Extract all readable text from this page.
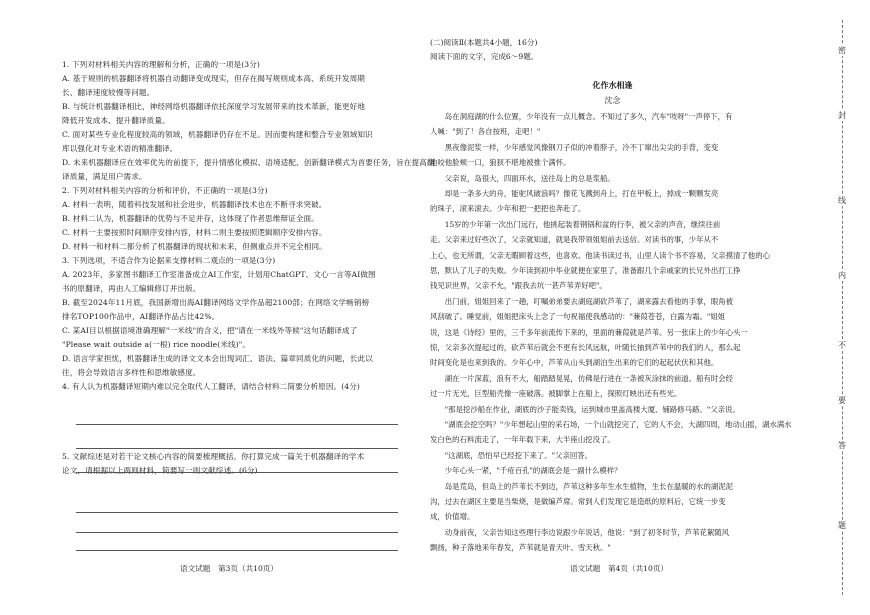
1. 下列对材料相关内容的理解和分析，正确的一项是(3分)
A. 基于规则的机器翻译将机器自动翻译变成现实，但存在揭写规则成本高、系统开发周期
长、翻译速度较慢等问题。
B. 与统计机器翻译相比，神经网络机器翻译依托深度学习发展带来的技术革新，能更好地
降低开发成本、提升翻译质量。
C. 面对某些专业化程度较高的领域，机器翻译仍存在不足。因而要构建和整合专业领域知识
库以强化对专业术语的精准翻译。
D. 未来机器翻译应在效率优先的前提下，提升情感化模拟、语境适配、创新翻译模式为首要任务，旨在提高翻
译质量，满足用户需求。
2. 下列对材料相关内容的分析和评价，不正确的一项是(3分)
A. 材料一表明，随着科技发展和社会进步，机器翻译技术也在不断寻求突破。
B. 材料二认为，机器翻译的优势与不足并存，这体现了作者思维辩证全面。
C. 材料一主要按照时间顺序安排内容，材料二则主要按照逻辑顺序安排内容。
D. 材料一和材料二都分析了机器翻译的现状和未来，但侧重点并不完全相同。
3. 下列选项，不适合作为论据来支撑材料二观点的一项是(3分)
A. 2023年，多家图书翻译工作室准备成立AI工作室，计划用ChatGPT、文心一言等AI做图
书的原翻译，再由人工编辑修订并出版。
B. 截至2024年11月底，我国新增出海AI翻译网络文学作品超2100部；在网络文学畅销榜
排名TOP100作品中，AI翻译作品占比42%。
C. 某AI目以根据语境准确理解"一米线"的含义，把"请在一米线外等候"这句话翻译成了
"Please wait outside a(一根) rice noodle(米线)"。
D. 语言学家担忧，机器翻译生成的译文文本会出现词汇、语法、篇章同质化的问题，长此以
往，将会导致语言多样性和思维敏感度。
4. 有人认为机器翻译短期内难以完全取代人工翻译，请结合材料二简要分析原因。(4分)
5. 文献综述是对若干论文核心内容的简要梳理概括。你打算完成一篇关于机器翻译的学术
论文，请根据以上两则材料，简要写一则文献综述。(6分)
(二)阅读Ⅱ(本题共4小题，16分)
阅读下面的文字，完成6～9题。
化作水相逢
沈念
　　岛在洞庭湖的什么位置，少年没有一点儿概念。不知过了多久，汽车"吱呀"一声停下，有
人喊："到了！各自按班，走吧！"
　　黑夜像泥浆一样，少年感觉风像钢刀子似的冲着脖子，冷不丁窜出尖尖的手背，变变
地咬他脸颊一口，狼狈不堪地被推个满怀。
　　父亲说，岛很大，四面环水，送往岛上的总是浆船。
　　却是一条多大的舟，能驼风破浪吗？像花飞溅到舟上，打在甲板上，掉成一颗颗发亮
的珠子，滚来滚去。少年和把一把把也奔赴了。
　　15岁的少年第一次出门远行，他挑起装着钢锅和盆的行李，被父亲的声音，继续往前
走。父亲来过好些次了，父亲就知道，就是我带领姐姐前去送信。对读书的事，少年从不
上心，也无所谓，父亲无暇顾着这些，也喜欢。他读书读过书，山里人读个书不容易，父亲摸清了他的心
思，默认了儿子的失败。少年读到初中毕业就便在家里了，准备跟几个亲戚家的长兄外出打工挣
钱见识世界，父亲不允，"跟我去坑一甚芦苇弄好吧"。
　　出门前，姐姐回来了一趟，叮嘱弟弟要去湖庭湖砍芦苇了，湖来露去看他的手掌，眼角被
风刮破了。睡觉前，姐姐把床头上念了一句祝福使我感动的："蒹葭苍苍，白露为霜。"姐姐
说，这是《诗经》里的，三千多年前流传下来的，里面的蒹葭就是芦苇。另一张床上的少年心头一
惊，父亲多次提起过的，砍芦苇后就会不更有长风远航，叶随长抽到芦苇中的我们的人，那么起
时间变化是也来到我的。少年心中，芦苇从山头到湖泊生出来的它们的起起伏伏和其他。
　　湖在一片深蓝，浪有不大，船踏踏晃晃，仿佛是行进在一条被灰涂抹的前道。船有时会经
过一片无光，巨型船壳像一座破落。被脚掌上在船上，探照灯映出还有些光。
　　"那是挖沙船在作业，湖底的沙子能卖钱，运到城市里盖高楼大厦、铺路修马路。"父亲说。
　　"湖底会挖空吗？"少年想起山里的采石场，一个山就挖完了，它的人不会，大湖四周，地动山摇，湖水满水
发白色的石料流走了，一年年载下来，大半座山挖没了。
　　"这湖底，恐怕早已经挖下来了。"父亲回答。
　　少年心头一紧，"千疮百孔"的湖底会是一副什么模样？
　　岛是荒岛，但岛上的芦苇长不到边，芦苇这种多年生水生植物，生长在温暖的水的湖泥泥
沟，过去在湖区主要是当柴烧，是做编芦席。常到人们发现它是造纸的原料后，它统一步变
成，价值增。
　　动身前夜，父亲告知这些理行李边说跟少年说话，他说："到了初冬时节，芦苇花絮随风
飘扬，种子落地来年春发，芦苇就是青天叶、雪天秋。"
语文试题　第4页（共10页）
密
封
线
内
不
要
答
题
语文试题　第3页（共10页）
